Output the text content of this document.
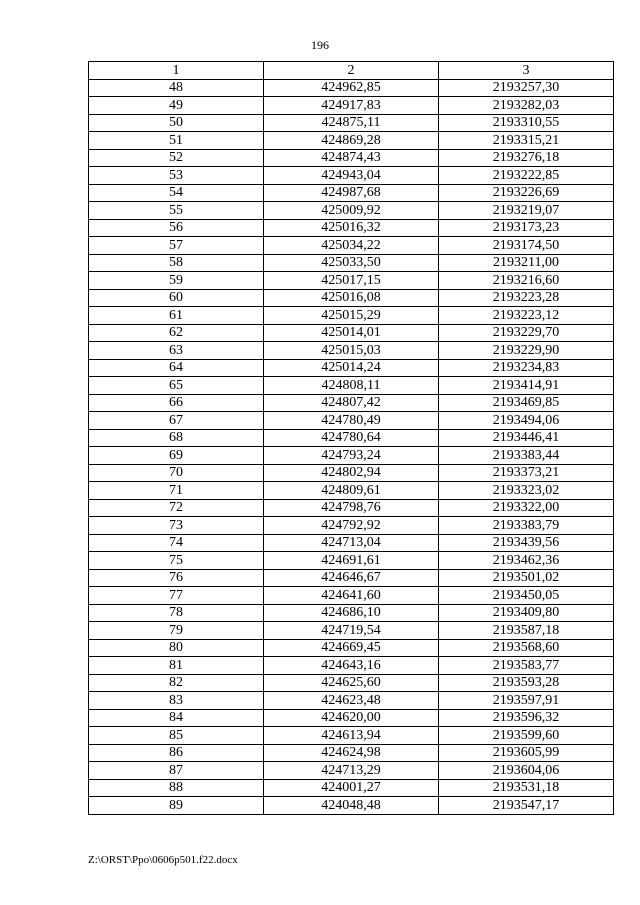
196
1	2	3
48	424962,85	2193257,30
49	424917,83	2193282,03
50	424875,11	2193310,55
51	424869,28	2193315,21
52	424874,43	2193276,18
53	424943,04	2193222,85
54	424987,68	2193226,69
55	425009,92	2193219,07
56	425016,32	2193173,23
57	425034,22	2193174,50
58	425033,50	2193211,00
59	425017,15	2193216,60
60	425016,08	2193223,28
61	425015,29	2193223,12
62	425014,01	2193229,70
63	425015,03	2193229,90
64	425014,24	2193234,83
65	424808,11	2193414,91
66	424807,42	2193469,85
67	424780,49	2193494,06
68	424780,64	2193446,41
69	424793,24	2193383,44
70	424802,94	2193373,21
71	424809,61	2193323,02
72	424798,76	2193322,00
73	424792,92	2193383,79
74	424713,04	2193439,56
75	424691,61	2193462,36
76	424646,67	2193501,02
77	424641,60	2193450,05
78	424686,10	2193409,80
79	424719,54	2193587,18
80	424669,45	2193568,60
81	424643,16	2193583,77
82	424625,60	2193593,28
83	424623,48	2193597,91
84	424620,00	2193596,32
85	424613,94	2193599,60
86	424624,98	2193605,99
87	424713,29	2193604,06
88	424001,27	2193531,18
89	424048,48	2193547,17
Z:\ORST\Ppo\0606p501.f22.docx
